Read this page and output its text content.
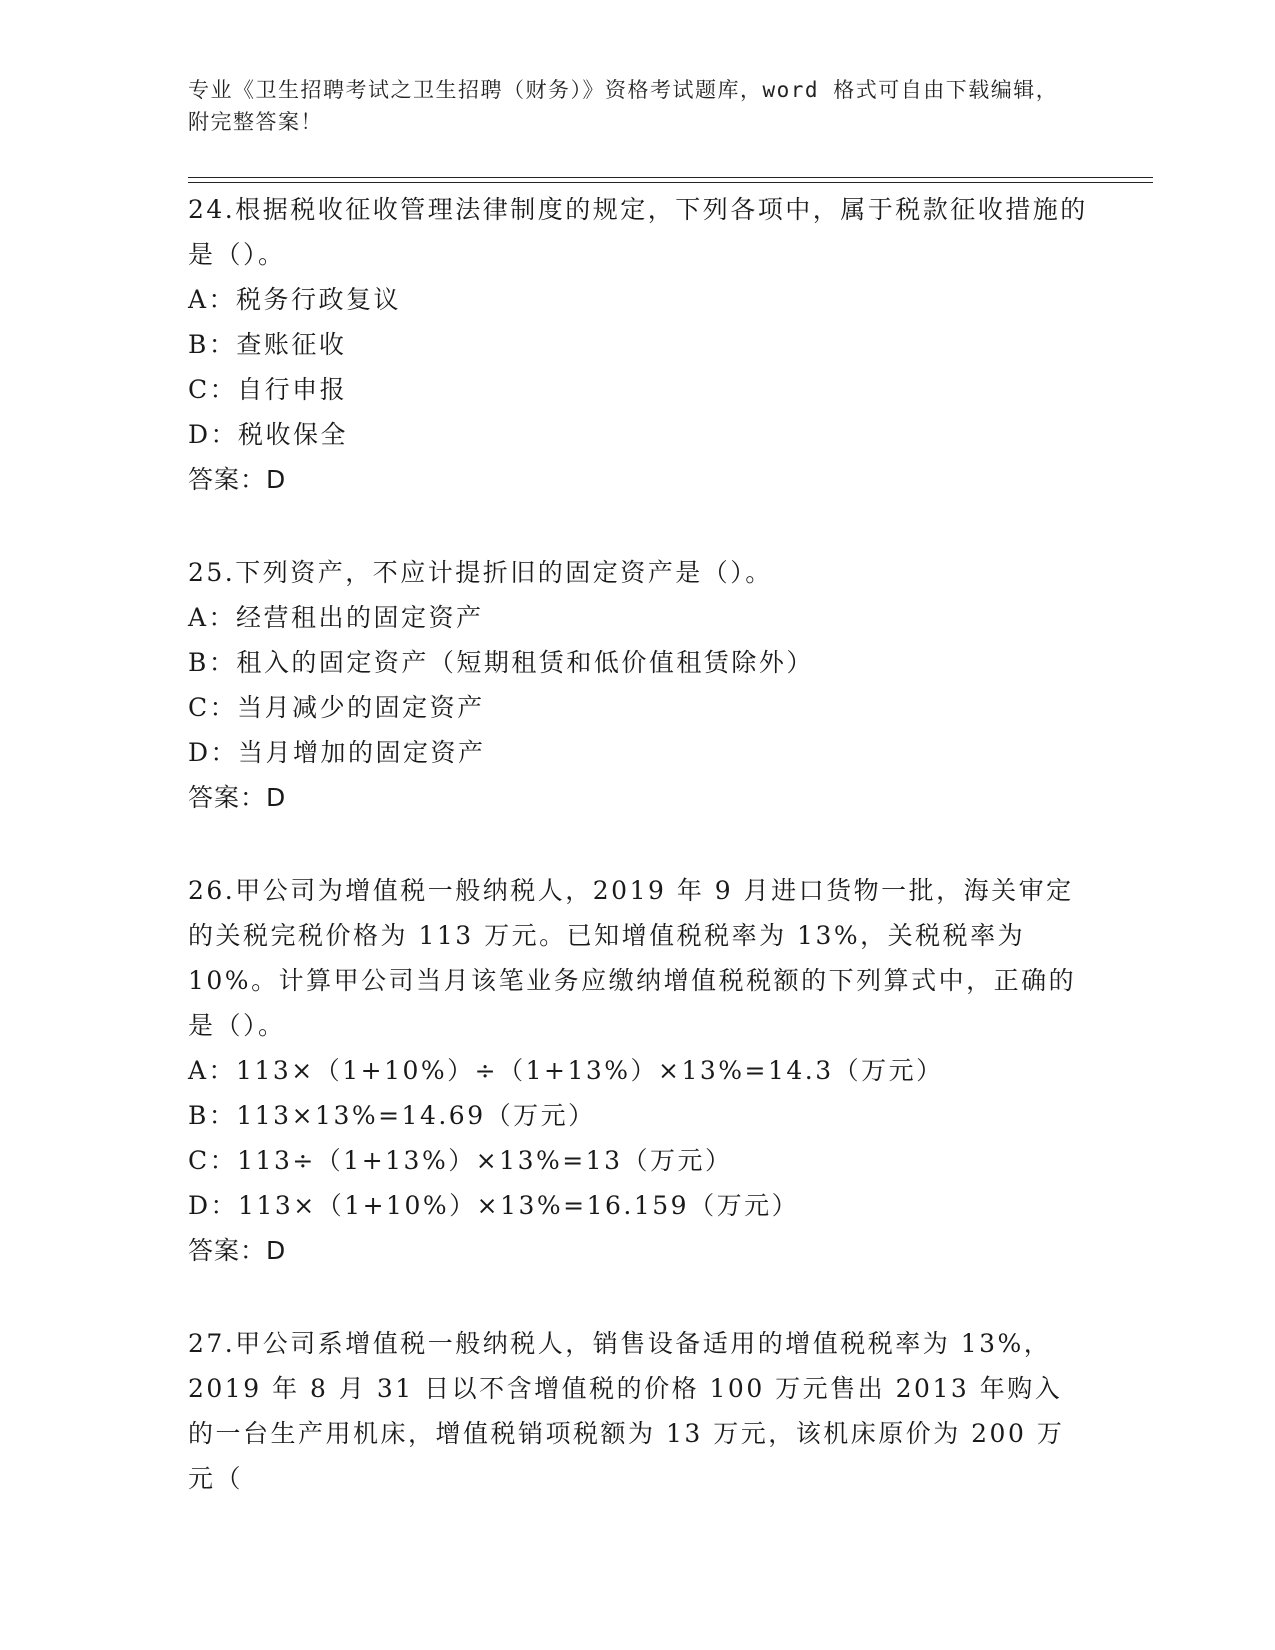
专业《卫生招聘考试之卫生招聘（财务）》资格考试题库，word 格式可自由下载编辑，附完整答案！

24.根据税收征收管理法律制度的规定，下列各项中，属于税款征收措施的是（）。

A：税务行政复议

B：查账征收

C：自行申报

D：税收保全

答案：D

25.下列资产，不应计提折旧的固定资产是（）。

A：经营租出的固定资产

B：租入的固定资产（短期租赁和低价值租赁除外）

C：当月减少的固定资产

D：当月增加的固定资产

答案：D

26.甲公司为增值税一般纳税人，2019 年 9 月进口货物一批，海关审定的关税完税价格为 113 万元。已知增值税税率为 13%，关税税率为 10%。计算甲公司当月该笔业务应缴纳增值税税额的下列算式中，正确的是（）。

A：113×（1+10%）÷（1+13%）×13%=14.3（万元）

B：113×13%=14.69（万元）

C：113÷（1+13%）×13%=13（万元）

D：113×（1+10%）×13%=16.159（万元）

答案：D

27.甲公司系增值税一般纳税人，销售设备适用的增值税税率为 13%，2019 年 8 月 31 日以不含增值税的价格 100 万元售出 2013 年购入的一台生产用机床，增值税销项税额为 13 万元，该机床原价为 200 万元（
